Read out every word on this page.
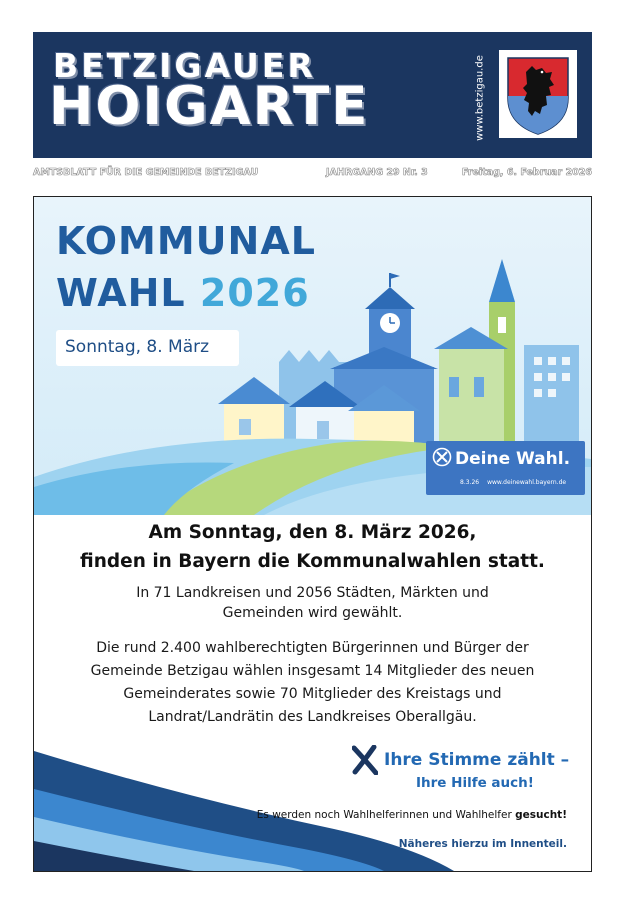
BETZIGAUER
HOIGARTE	www.betzigau.de
AMTSBLATT FÜR DIE GEMEINDE BETZIGAU	JAHRGANG 29 Nr. 3	Freitag, 6. Februar 2026
KOMMUNAL
WAHL 2026
Sonntag, 8. März
Deine Wahl.
8.3.26 www.deinewahl.bayern.de
Am Sonntag, den 8. März 2026,
finden in Bayern die Kommunalwahlen statt.
In 71 Landkreisen und 2056 Städten, Märkten und
Gemeinden wird gewählt.
Die rund 2.400 wahlberechtigten Bürgerinnen und Bürger der
Gemeinde Betzigau wählen insgesamt 14 Mitglieder des neuen
Gemeinderates sowie 70 Mitglieder des Kreistags und
Landrat/Landrätin des Landkreises Oberallgäu.
Ihre Stimme zählt –
Ihre Hilfe auch!
Es werden noch Wahlhelferinnen und Wahlhelfer gesucht!
Näheres hierzu im Innenteil.
